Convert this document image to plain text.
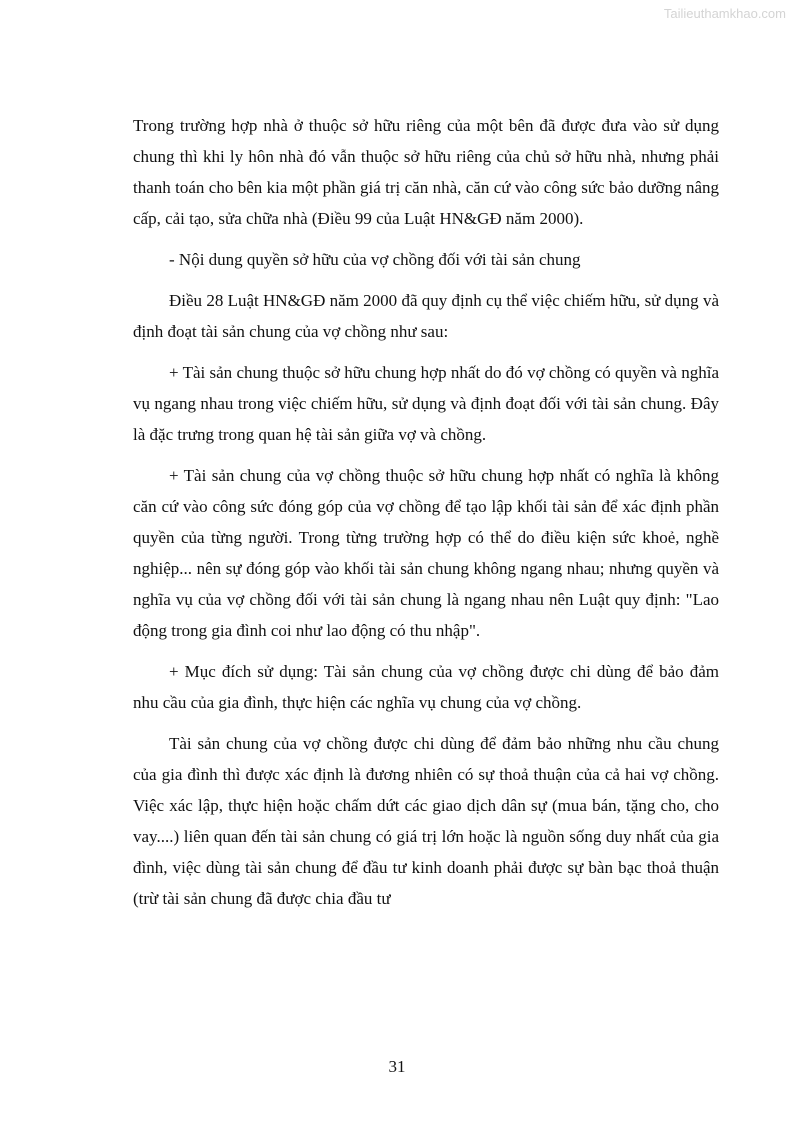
Tailieuthamkhao.com

Trong trường hợp nhà ở thuộc sở hữu riêng của một bên đã được đưa vào sử dụng chung thì khi ly hôn nhà đó vẫn thuộc sở hữu riêng của chủ sở hữu nhà, nhưng phải thanh toán cho bên kia một phần giá trị căn nhà, căn cứ vào công sức bảo dưỡng nâng cấp, cải tạo, sửa chữa nhà (Điều 99 của Luật HN&GĐ năm 2000).

- Nội dung quyền sở hữu của vợ chồng đối với tài sản chung

Điều 28 Luật HN&GĐ năm 2000 đã quy định cụ thể việc chiếm hữu, sử dụng và định đoạt tài sản chung của vợ chồng như sau:

+ Tài sản chung thuộc sở hữu chung hợp nhất do đó vợ chồng có quyền và nghĩa vụ ngang nhau trong việc chiếm hữu, sử dụng và định đoạt đối với tài sản chung. Đây là đặc trưng trong quan hệ tài sản giữa vợ và chồng.

+ Tài sản chung của vợ chồng thuộc sở hữu chung hợp nhất có nghĩa là không căn cứ vào công sức đóng góp của vợ chồng để tạo lập khối tài sản để xác định phần quyền của từng người. Trong từng trường hợp có thể do điều kiện sức khoẻ, nghề nghiệp... nên sự đóng góp vào khối tài sản chung không ngang nhau; nhưng quyền và nghĩa vụ của vợ chồng đối với tài sản chung là ngang nhau nên Luật quy định: "Lao động trong gia đình coi như lao động có thu nhập".

+ Mục đích sử dụng: Tài sản chung của vợ chồng được chi dùng để bảo đảm nhu cầu của gia đình, thực hiện các nghĩa vụ chung của vợ chồng.

Tài sản chung của vợ chồng được chi dùng để đảm bảo những nhu cầu chung của gia đình thì được xác định là đương nhiên có sự thoả thuận của cả hai vợ chồng. Việc xác lập, thực hiện hoặc chấm dứt các giao dịch dân sự (mua bán, tặng cho, cho vay....) liên quan đến tài sản chung có giá trị lớn hoặc là nguồn sống duy nhất của gia đình, việc dùng tài sản chung để đầu tư kinh doanh phải được sự bàn bạc thoả thuận (trừ tài sản chung đã được chia đầu tư

31
